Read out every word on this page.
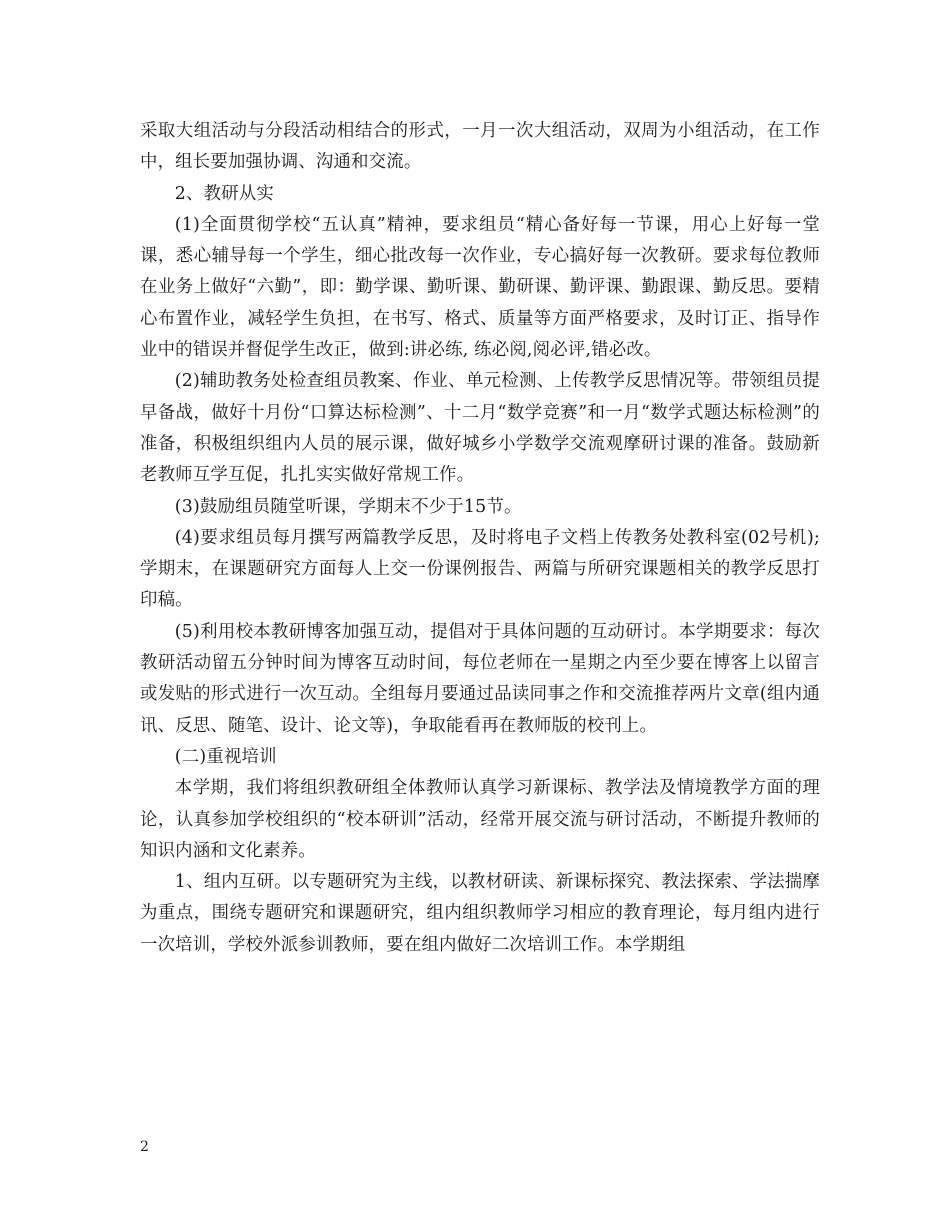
采取大组活动与分段活动相结合的形式，一月一次大组活动，双周为小组活动，在工作中，组长要加强协调、沟通和交流。

2、教研从实

(1)全面贯彻学校“五认真”精神，要求组员“精心备好每一节课，用心上好每一堂课，悉心辅导每一个学生，细心批改每一次作业，专心搞好每一次教研。要求每位教师在业务上做好“六勤”，即：勤学课、勤听课、勤研课、勤评课、勤跟课、勤反思。要精心布置作业，减轻学生负担，在书写、格式、质量等方面严格要求，及时订正、指导作业中的错误并督促学生改正，做到:讲必练, 练必阅,阅必评,错必改。

(2)辅助教务处检查组员教案、作业、单元检测、上传教学反思情况等。带领组员提早备战，做好十月份“口算达标检测”、十二月“数学竞赛”和一月“数学式题达标检测”的准备，积极组织组内人员的展示课，做好城乡小学数学交流观摩研讨课的准备。鼓励新老教师互学互促，扎扎实实做好常规工作。

(3)鼓励组员随堂听课，学期末不少于15节。

(4)要求组员每月撰写两篇教学反思，及时将电子文档上传教务处教科室(02号机);学期末，在课题研究方面每人上交一份课例报告、两篇与所研究课题相关的教学反思打印稿。

(5)利用校本教研博客加强互动，提倡对于具体问题的互动研讨。本学期要求：每次教研活动留五分钟时间为博客互动时间，每位老师在一星期之内至少要在博客上以留言或发贴的形式进行一次互动。全组每月要通过品读同事之作和交流推荐两片文章(组内通讯、反思、随笔、设计、论文等)，争取能看再在教师版的校刊上。

(二)重视培训

本学期，我们将组织教研组全体教师认真学习新课标、教学法及情境教学方面的理论，认真参加学校组织的“校本研训”活动，经常开展交流与研讨活动，不断提升教师的知识内涵和文化素养。

1、组内互研。以专题研究为主线，以教材研读、新课标探究、教法探索、学法揣摩为重点，围绕专题研究和课题研究，组内组织教师学习相应的教育理论，每月组内进行一次培训，学校外派参训教师，要在组内做好二次培训工作。本学期组

2
